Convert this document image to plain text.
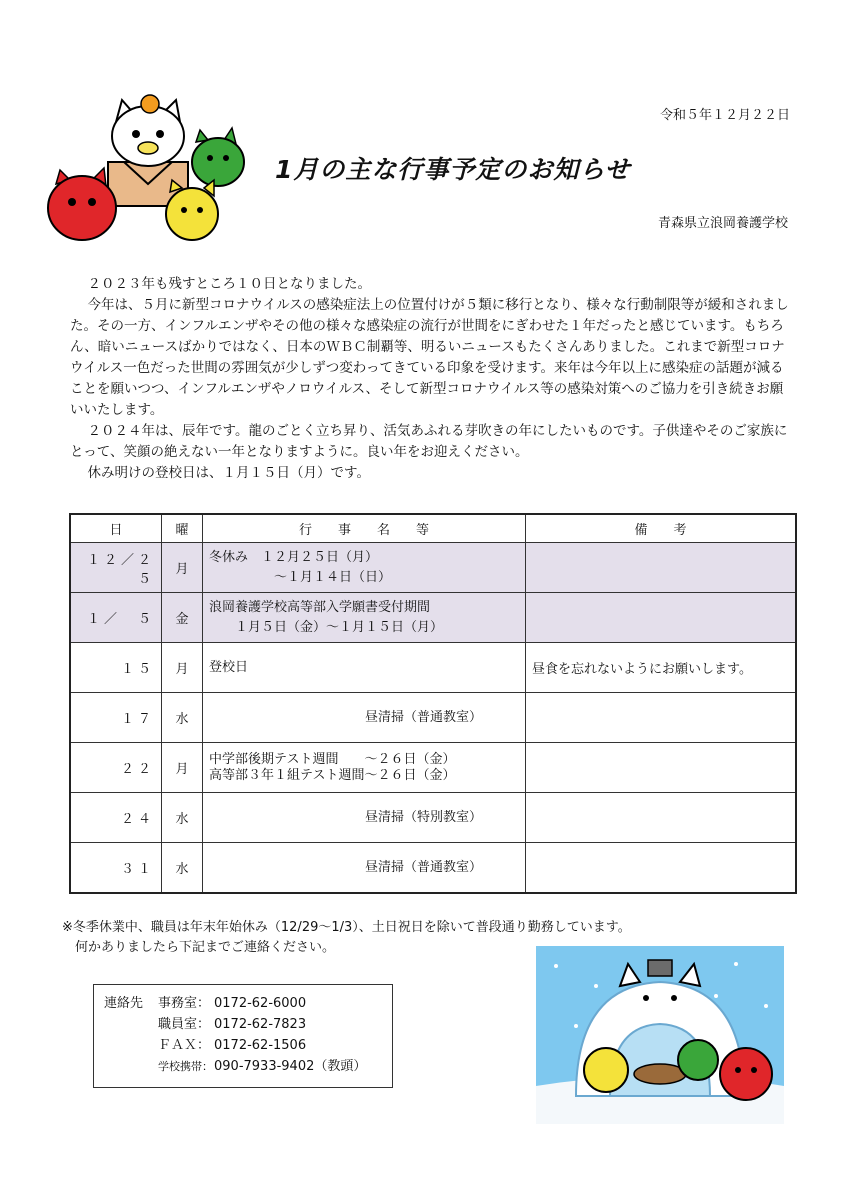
令和５年１２月２２日
1月の主な行事予定のお知らせ
青森県立浪岡養護学校

２０２３年も残すところ１０日となりました。

今年は、５月に新型コロナウイルスの感染症法上の位置付けが５類に移行となり、様々な行動制限等が緩和されました。その一方、インフルエンザやその他の様々な感染症の流行が世間をにぎわせた１年だったと感じています。もちろん、暗いニュースばかりではなく、日本のＷＢＣ制覇等、明るいニュースもたくさんありました。これまで新型コロナウイルス一色だった世間の雰囲気が少しずつ変わってきている印象を受けます。来年は今年以上に感染症の話題が減ることを願いつつ、インフルエンザやノロウイルス、そして新型コロナウイルス等の感染対策へのご協力を引き続きお願いいたします。

２０２４年は、辰年です。龍のごとく立ち昇り、活気あふれる芽吹きの年にしたいものです。子供達やそのご家族にとって、笑顔の絶えない一年となりますように。良い年をお迎えください。

休み明けの登校日は、１月１５日（月）です。

日	曜	行　　事　　名　　等	備　　考
１２／２５	月	冬休み　１２月２５日（月）
　　　　　～１月１４日（日）	

１／　５	金	浪岡養護学校高等部入学願書受付期間
　　１月５日（金）～１月１５日（月）	

１５	月	登校日	昼食を忘れないようにお願いします。
１７	水	　　　　　　　　　　　　昼清掃（普通教室）	

２２	月	中学部後期テスト週間　　～２６日（金）
高等部３年１組テスト週間～２６日（金）	

２４	水	　　　　　　　　　　　　昼清掃（特別教室）	

３１	水	　　　　　　　　　　　　昼清掃（普通教室）	

※冬季休業中、職員は年末年始休み（12/29～1/3）、土日祝日を除いて普段通り勤務しています。
　何かありましたら下記までご連絡ください。
連絡先	事務室： 0172-62-6000
職員室： 0172-62-7823
ＦＡＸ： 0172-62-1506
学校携帯： 090-7933-9402（教頭）
